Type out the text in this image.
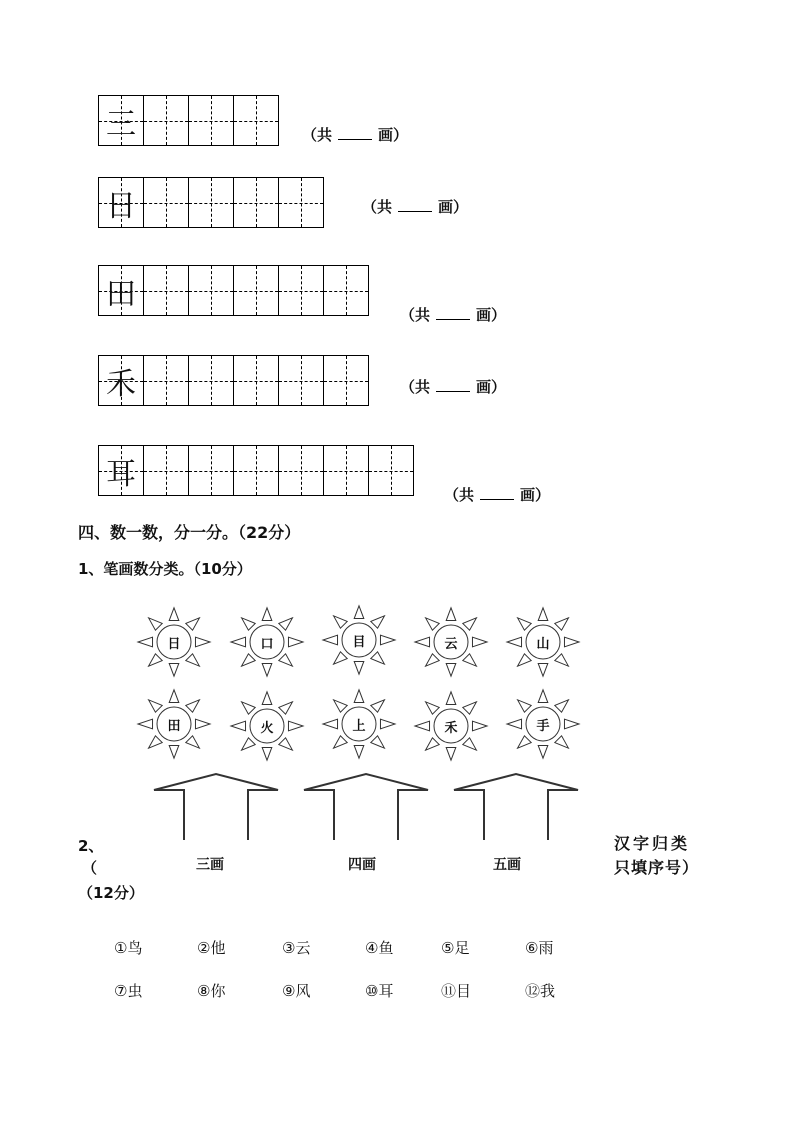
三	（共	画）
日	（共	画）
田
（共	画）
禾	（共	画）
耳
（共	画）
四、数一数，分一分。（22分）
1、笔画数分类。（10分）
日	口	目	云	山
田	火	上	禾	手
三画	四画	五画
2、
（
（12分）
汉字归类
只填序号）
①鸟	②他	③云	④鱼	⑤足	⑥雨
⑦虫	⑧你	⑨风	⑩耳	⑪目	⑫我
